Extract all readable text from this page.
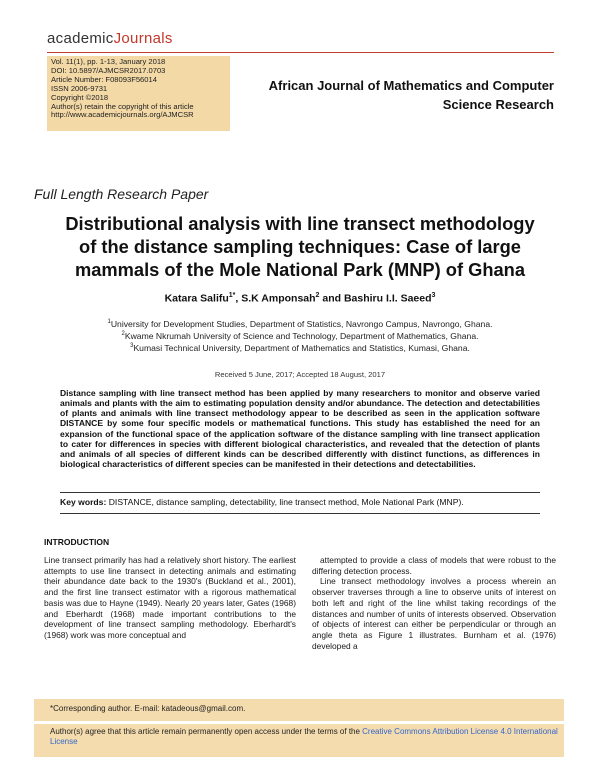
academicJournals
Vol. 11(1), pp. 1-13, January 2018
DOI: 10.5897/AJMCSR2017.0703
Article Number: F08093F56014
ISSN 2006-9731
Copyright ©2018
Author(s) retain the copyright of this article
http://www.academicjournals.org/AJMCSR
African Journal of Mathematics and Computer
Science Research
Full Length Research Paper
Distributional analysis with line transect methodology
of the distance sampling techniques: Case of large
mammals of the Mole National Park (MNP) of Ghana
Katara Salifu$^{1*}$, S.K Amponsah$^2$ and Bashiru I.I. Saeed$^3$
$^1$University for Development Studies, Department of Statistics, Navrongo Campus, Navrongo, Ghana.
$^2$Kwame Nkrumah University of Science and Technology, Department of Mathematics, Ghana.
$^3$Kumasi Technical University, Department of Mathematics and Statistics, Kumasi, Ghana.
Received 5 June, 2017; Accepted 18 August, 2017
Distance sampling with line transect method has been applied by many researchers to monitor and observe varied animals and plants with the aim to estimating population density and/or abundance. The detection and detectabilities of plants and animals with line transect methodology appear to be described as seen in the application software DISTANCE by some four specific models or mathematical functions. This study has established the need for an expansion of the functional space of the application software of the distance sampling with line transect application to cater for differences in species with different biological characteristics, and revealed that the detection of plants and animals of all species of different kinds can be described differently with distinct functions, as differences in biological characteristics of different species can be manifested in their detections and detectabilities.
Key words: DISTANCE, distance sampling, detectability, line transect method, Mole National Park (MNP).
INTRODUCTION

Line transect primarily has had a relatively short history. The earliest attempts to use line transect in detecting animals and estimating their abundance date back to the 1930's (Buckland et al., 2001), and the first line transect estimator with a rigorous mathematical basis was due to Hayne (1949). Nearly 20 years later, Gates (1968) and Eberhardt (1968) made important contributions to the development of line transect sampling methodology. Eberhardt's (1968) work was more conceptual and

attempted to provide a class of models that were robust to the differing detection process.

Line transect methodology involves a process wherein an observer traverses through a line to observe units of interest on both left and right of the line whilst taking recordings of the distances and number of units of interests observed. Observation of objects of interest can either be perpendicular or through an angle theta as Figure 1 illustrates. Burnham et al. (1976) developed a

*Corresponding author. E-mail: katadeous@gmail.com.
Author(s) agree that this article remain permanently open access under the terms of the Creative Commons Attribution License 4.0 International License
